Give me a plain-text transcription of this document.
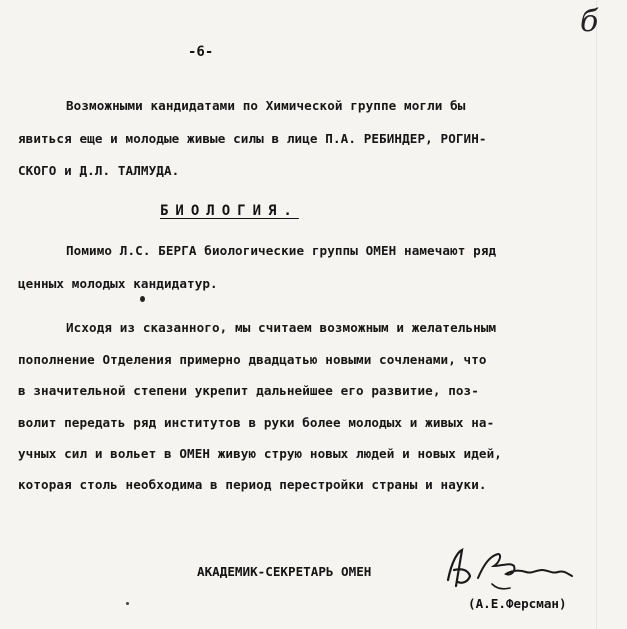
б
-6-
Возможными кандидатами по Химической группе могли бы
явиться еще и молодые живые силы в лице П.А. РЕБИНДЕР, РОГИН-
СКОГО и Д.Л. ТАЛМУДА.
БИОЛОГИЯ.
Помимо Л.С. БЕРГА биологические группы ОМЕН намечают ряд
ценных молодых кандидатур.
Исходя из сказанного, мы считаем возможным и желательным
пополнение Отделения примерно двадцатью новыми сочленами, что
в значительной степени укрепит дальнейшее его развитие, поз-
волит передать ряд институтов в руки более молодых и живых на-
учных сил и вольет в ОМЕН живую струю новых людей и новых идей,
которая столь необходима в период перестройки страны и науки.
АКАДЕМИК-СЕКРЕТАРЬ ОМЕН
(А.Е.Ферсман)
